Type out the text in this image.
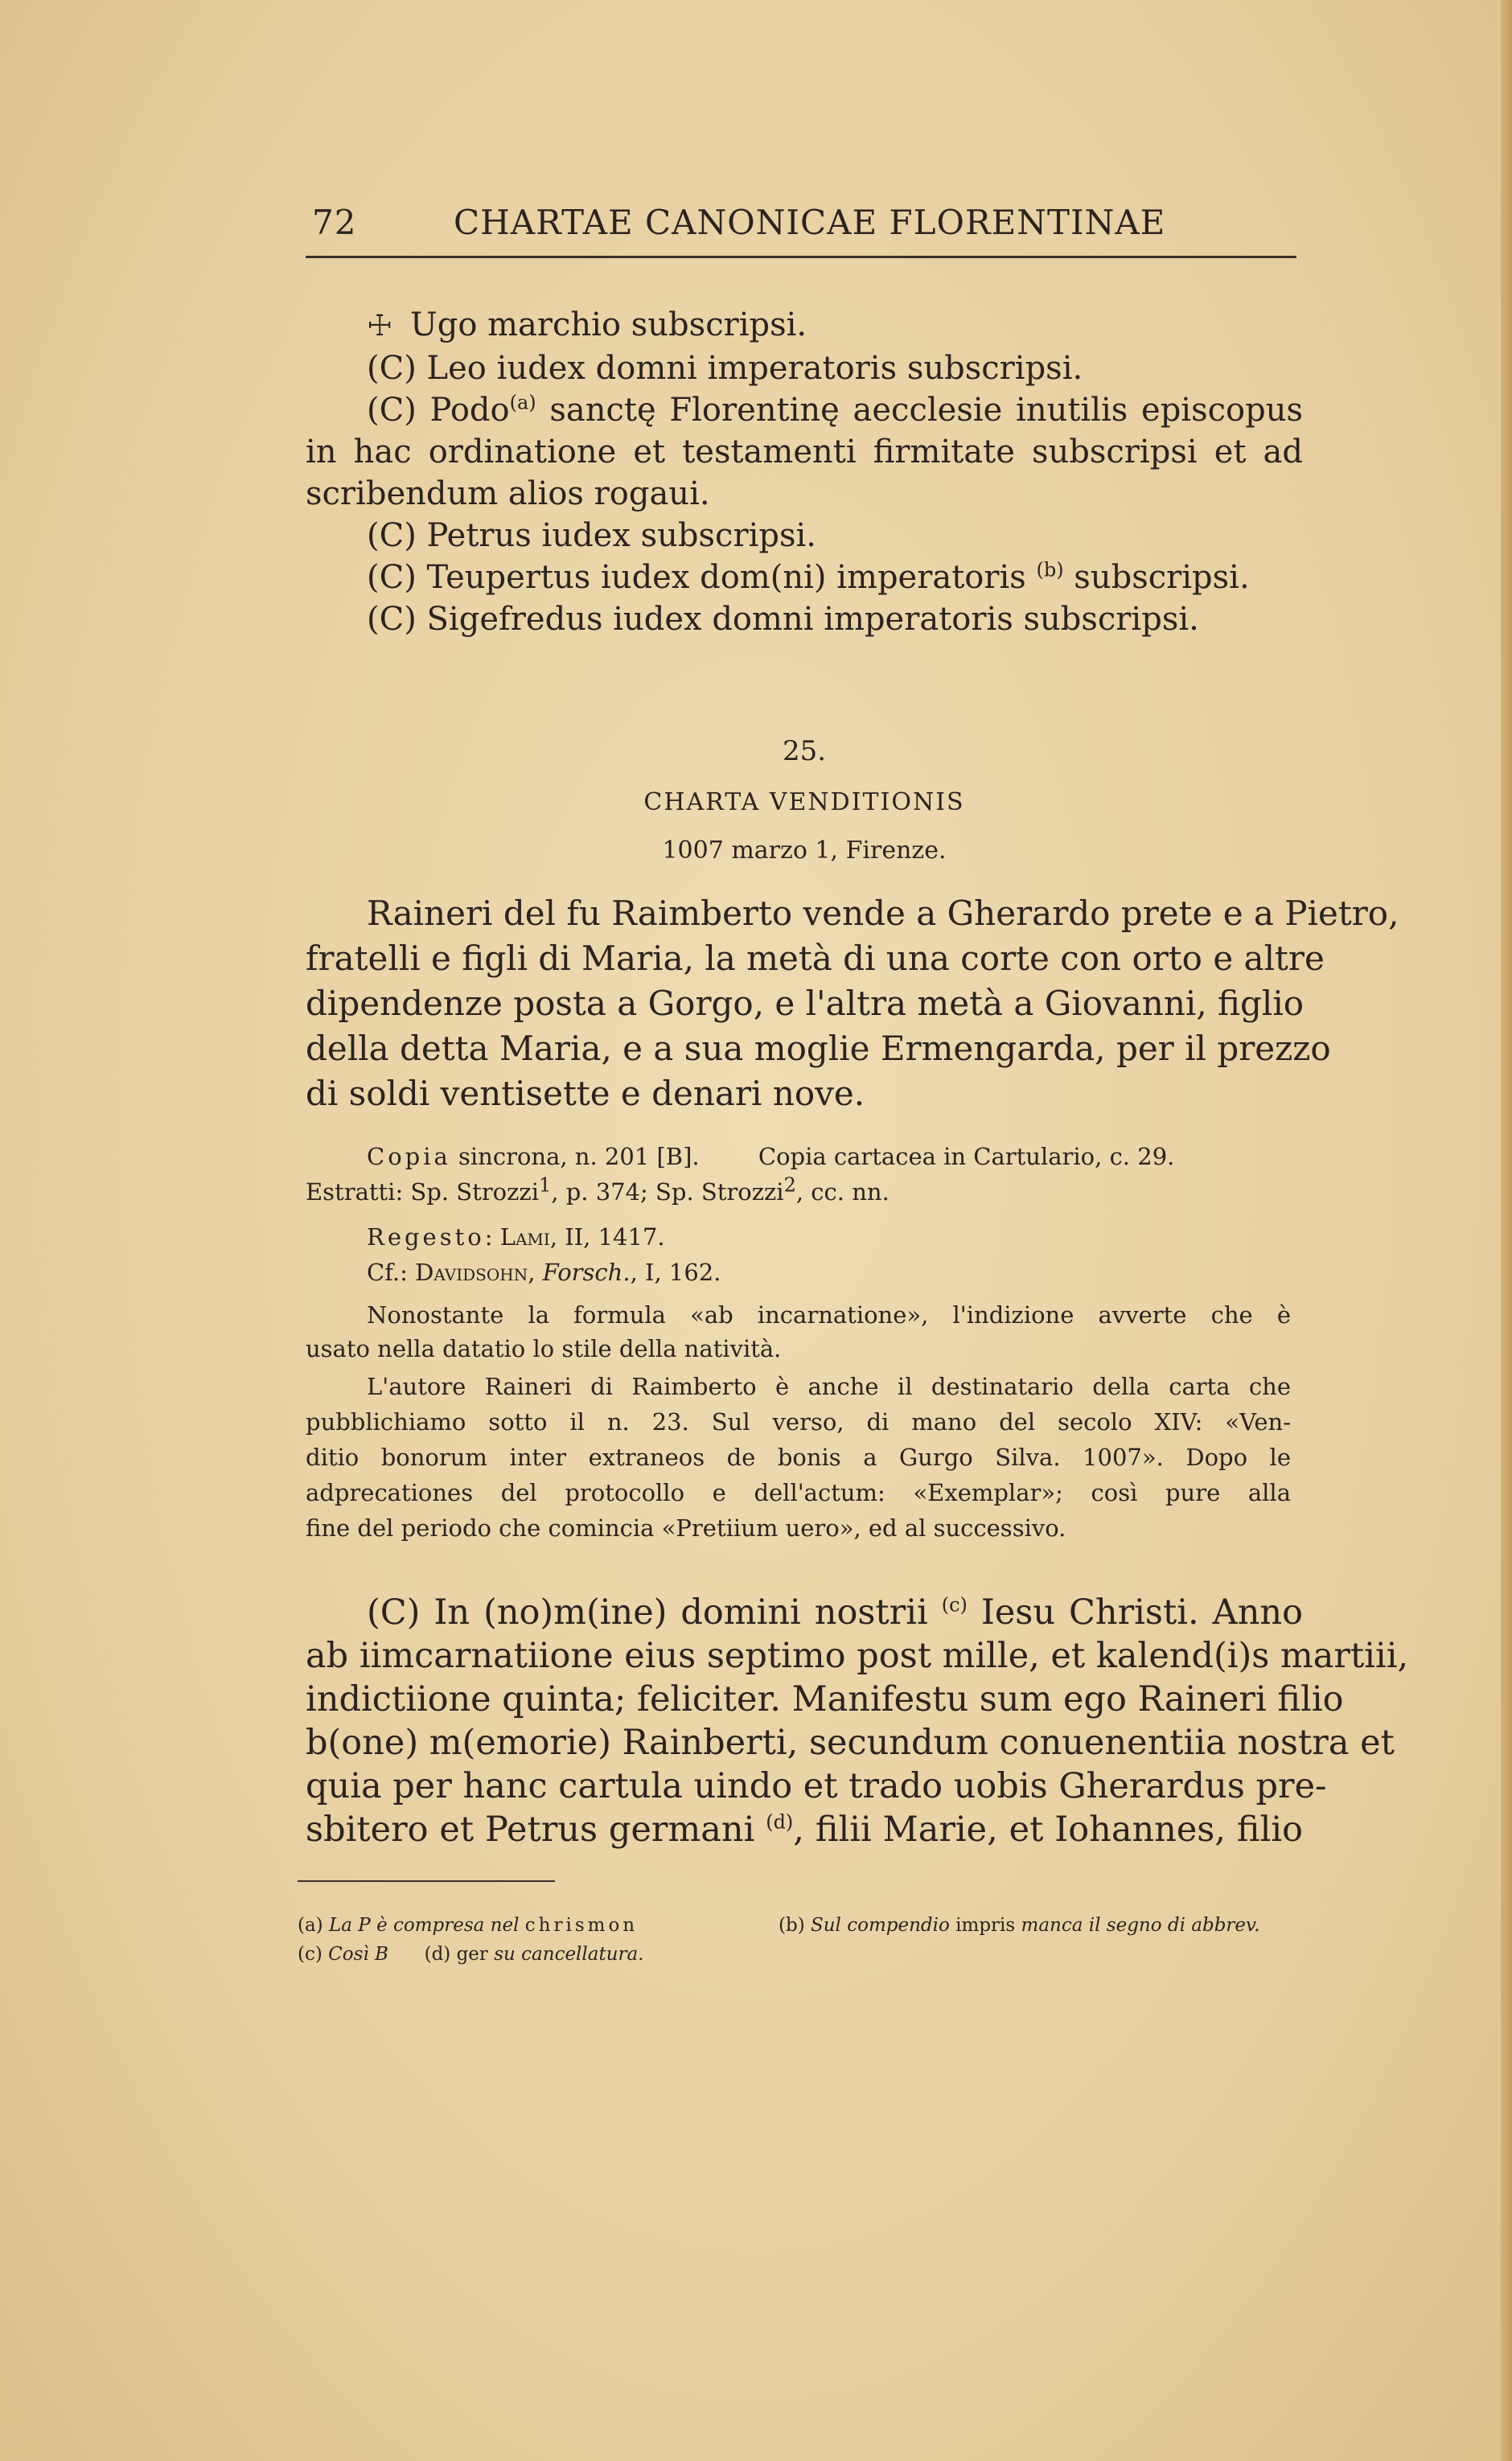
72	CHARTAE CANONICAE FLORENTINAE
☩ Ugo marchio subscripsi.
(C) Leo iudex domni imperatoris subscripsi.
(C) Podo$^{(a)}$ sanctę Florentinę aecclesie inutilis episcopus
in hac ordinatione et testamenti firmitate subscripsi et ad
scribendum alios rogaui.
(C) Petrus iudex subscripsi.
(C) Teupertus iudex dom(ni) imperatoris $^{(b)}$ subscripsi.
(C) Sigefredus iudex domni imperatoris subscripsi.
25.
CHARTA VENDITIONIS
1007 marzo 1, Firenze.
Raineri del fu Raimberto vende a Gherardo prete e a Pietro,
fratelli e figli di Maria, la metà di una corte con orto e altre
dipendenze posta a Gorgo, e l'altra metà a Giovanni, figlio
della detta Maria, e a sua moglie Ermengarda, per il prezzo
di soldi ventisette e denari nove.
Copia sincrona, n. 201 [B].	Copia cartacea in Cartulario, c. 29.
Estratti: Sp. Strozzi$^1$, p. 374; Sp. Strozzi$^2$, cc. nn.
Regesto: Lami, II, 1417.
Cf.: Davidsohn, Forsch., I, 162.
Nonostante la formula «ab incarnatione», l'indizione avverte che è
usato nella datatio lo stile della natività.
L'autore Raineri di Raimberto è anche il destinatario della carta che
pubblichiamo sotto il n. 23. Sul verso, di mano del secolo XIV: «Ven-
ditio bonorum inter extraneos de bonis a Gurgo Silva. 1007». Dopo le
adprecationes del protocollo e dell'actum: «Exemplar»; così pure alla
fine del periodo che comincia «Pretiium uero», ed al successivo.
(C) In (no)m(ine) domini nostrii $^{(c)}$ Iesu Christi. Anno
ab iimcarnatiione eius septimo post mille, et kalend(i)s martiii,
indictiione quinta; feliciter. Manifestu sum ego Raineri filio
b(one) m(emorie) Rainberti, secundum conuenentiia nostra et
quia per hanc cartula uindo et trado uobis Gherardus pre-
sbitero et Petrus germani $^{(d)}$, filii Marie, et Iohannes, filio
(a) La P è compresa nel chrismon	(b) Sul compendio impris manca il segno di abbrev.
(c) Così B (d) ger su cancellatura.
